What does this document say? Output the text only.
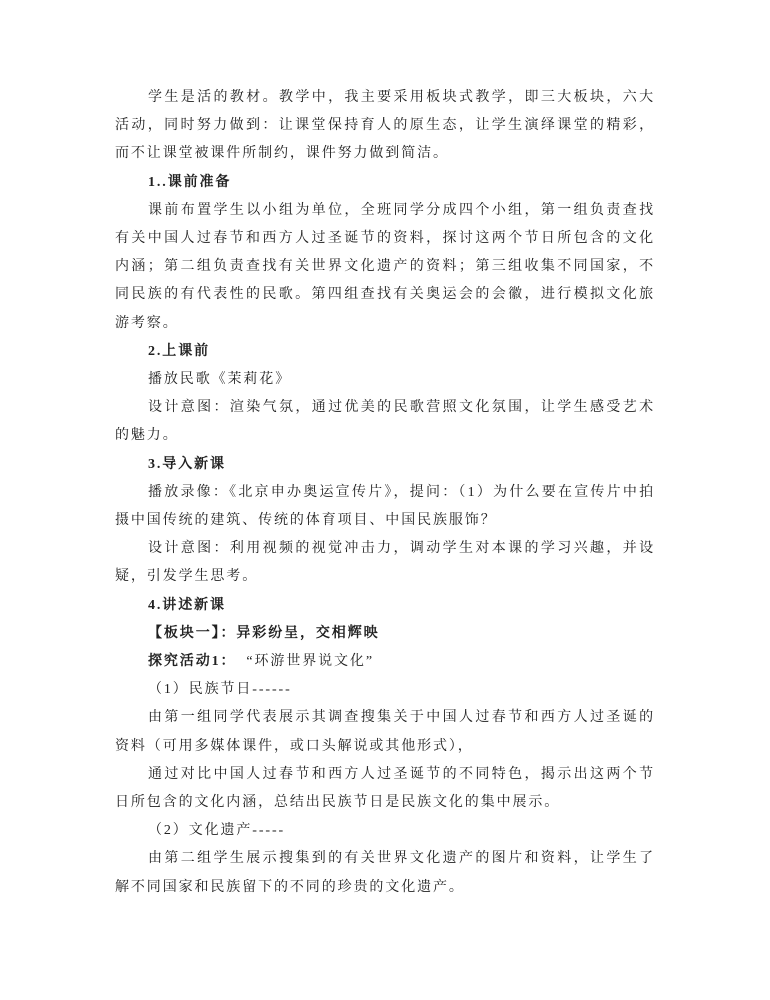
学生是活的教材。教学中，我主要采用板块式教学，即三大板块，六大活动，同时努力做到：让课堂保持育人的原生态，让学生演绎课堂的精彩，而不让课堂被课件所制约，课件努力做到简洁。

1..课前准备

课前布置学生以小组为单位，全班同学分成四个小组，第一组负责查找有关中国人过春节和西方人过圣诞节的资料，探讨这两个节日所包含的文化内涵；第二组负责查找有关世界文化遗产的资料；第三组收集不同国家，不同民族的有代表性的民歌。第四组查找有关奥运会的会徽，进行模拟文化旅游考察。

2.上课前

播放民歌《茉莉花》

设计意图：渲染气氛，通过优美的民歌营照文化氛围，让学生感受艺术的魅力。

3.导入新课

播放录像：《北京申办奥运宣传片》，提问：（1）为什么要在宣传片中拍摄中国传统的建筑、传统的体育项目、中国民族服饰？

设计意图：利用视频的视觉冲击力，调动学生对本课的学习兴趣，并设疑，引发学生思考。

4.讲述新课

【板块一】：异彩纷呈，交相辉映

探究活动1： “环游世界说文化”

（1）民族节日------

由第一组同学代表展示其调查搜集关于中国人过春节和西方人过圣诞的资料（可用多媒体课件，或口头解说或其他形式），

通过对比中国人过春节和西方人过圣诞节的不同特色，揭示出这两个节日所包含的文化内涵，总结出民族节日是民族文化的集中展示。

（2）文化遗产-----

由第二组学生展示搜集到的有关世界文化遗产的图片和资料，让学生了解不同国家和民族留下的不同的珍贵的文化遗产。
